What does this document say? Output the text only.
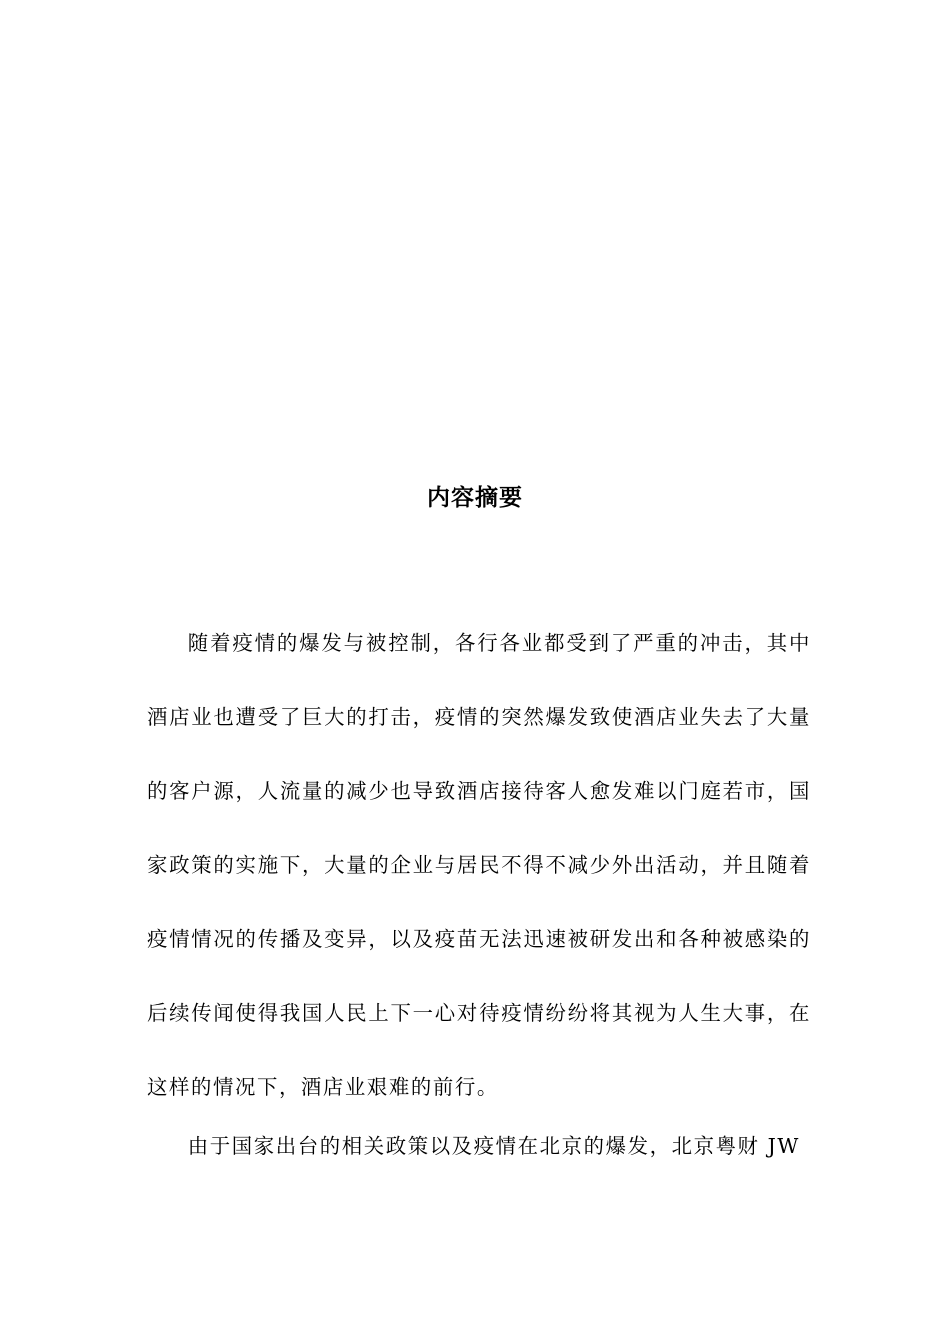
内容摘要

随着疫情的爆发与被控制，各行各业都受到了严重的冲击，其中酒店业也遭受了巨大的打击，疫情的突然爆发致使酒店业失去了大量的客户源，人流量的减少也导致酒店接待客人愈发难以门庭若市，国家政策的实施下，大量的企业与居民不得不减少外出活动，并且随着疫情情况的传播及变异，以及疫苗无法迅速被研发出和各种被感染的后续传闻使得我国人民上下一心对待疫情纷纷将其视为人生大事，在这样的情况下，酒店业艰难的前行。

由于国家出台的相关政策以及疫情在北京的爆发，北京粤财 JW
